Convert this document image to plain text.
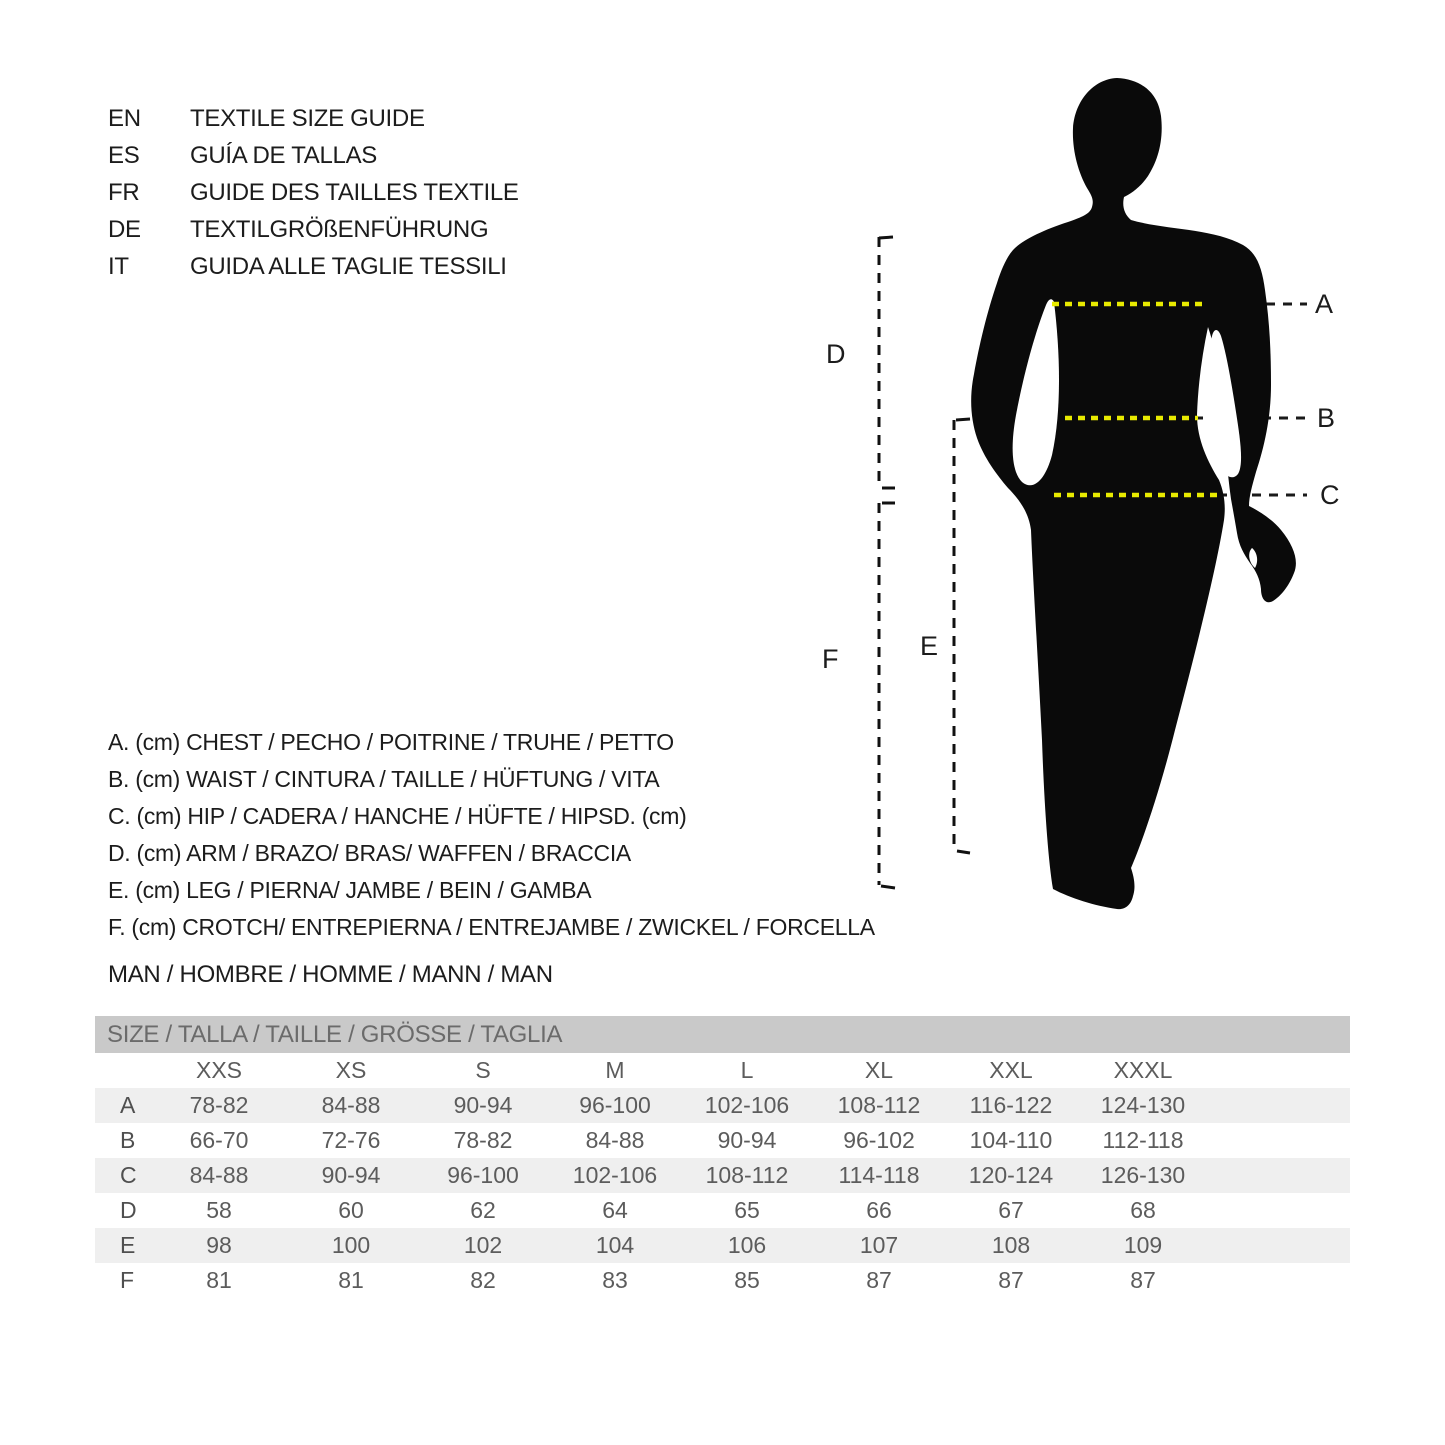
EN	TEXTILE SIZE GUIDE
ES	GUÍA DE TALLAS
FR	GUIDE DES TAILLES TEXTILE
DE	TEXTILGRÖßENFÜHRUNG
IT	GUIDA ALLE TAGLIE TESSILI
A. (cm) CHEST / PECHO / POITRINE / TRUHE / PETTO
B. (cm) WAIST / CINTURA / TAILLE / HÜFTUNG / VITA
C. (cm) HIP / CADERA / HANCHE / HÜFTE / HIPSD. (cm)
D. (cm) ARM / BRAZO/ BRAS/ WAFFEN / BRACCIA
E. (cm) LEG / PIERNA/ JAMBE / BEIN / GAMBA
F. (cm) CROTCH/ ENTREPIERNA / ENTREJAMBE / ZWICKEL / FORCELLA
MAN / HOMBRE / HOMME / MANN / MAN
A
B
C
D
E
F
SIZE / TALLA / TAILLE / GRÖSSE / TAGLIA
XXS	XS	S	M	L	XL	XXL	XXXL
A	78-82	84-88	90-94	96-100	102-106	108-112	116-122	124-130
B	66-70	72-76	78-82	84-88	90-94	96-102	104-110	112-118
C	84-88	90-94	96-100	102-106	108-112	114-118	120-124	126-130
D	58	60	62	64	65	66	67	68
E	98	100	102	104	106	107	108	109
F	81	81	82	83	85	87	87	87
